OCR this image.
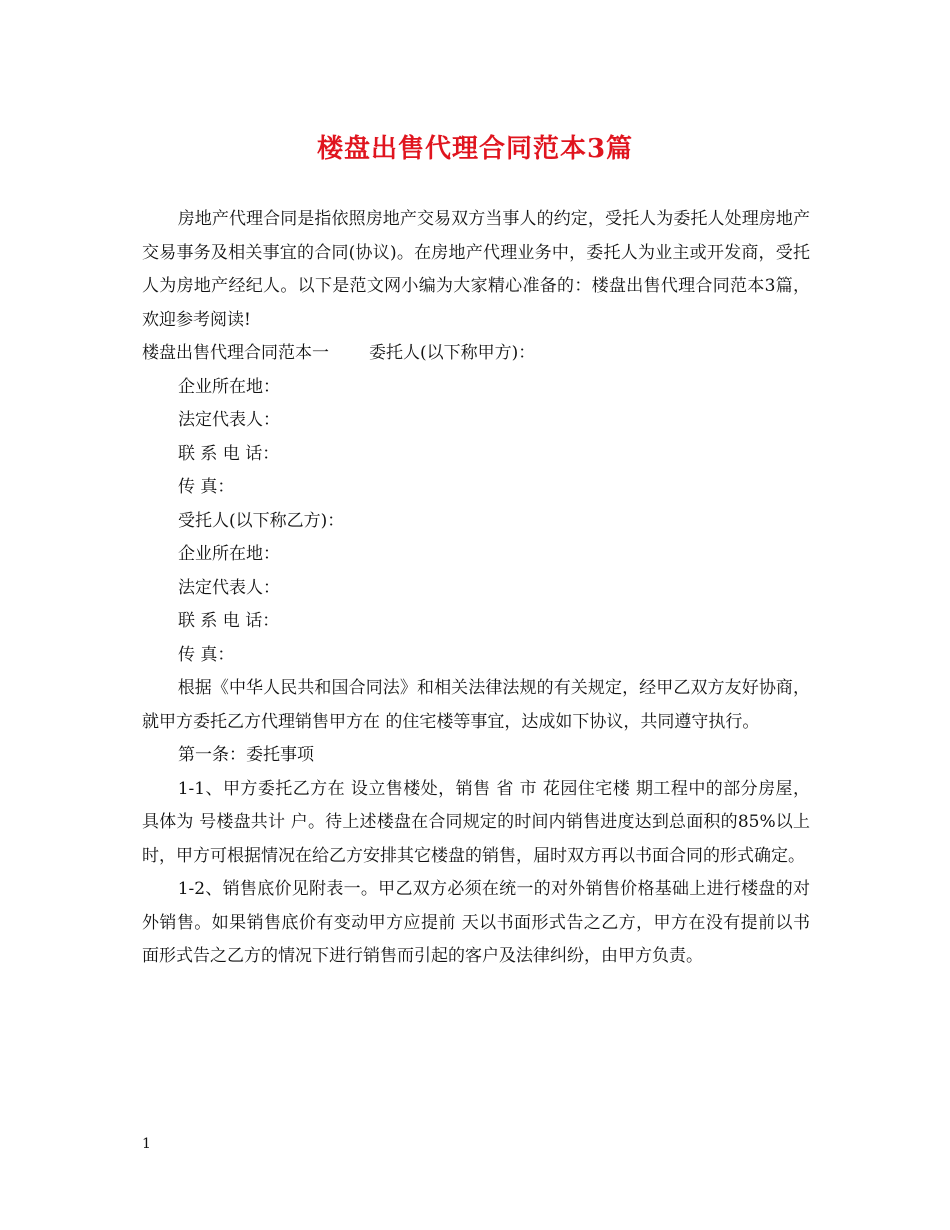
楼盘出售代理合同范本3篇

房地产代理合同是指依照房地产交易双方当事人的约定，受托人为委托人处理房地产交易事务及相关事宜的合同(协议)。在房地产代理业务中，委托人为业主或开发商，受托人为房地产经纪人。以下是范文网小编为大家精心准备的：楼盘出售代理合同范本3篇，欢迎参考阅读!

楼盘出售代理合同范本一 委托人(以下称甲方)：

企业所在地：

法定代表人：

联 系 电 话：

传 真：

受托人(以下称乙方)：

企业所在地：

法定代表人：

联 系 电 话：

传 真：

根据《中华人民共和国合同法》和相关法律法规的有关规定，经甲乙双方友好协商，就甲方委托乙方代理销售甲方在 的住宅楼等事宜，达成如下协议，共同遵守执行。

第一条：委托事项

1-1、甲方委托乙方在 设立售楼处，销售 省 市 花园住宅楼 期工程中的部分房屋，具体为 号楼盘共计 户。待上述楼盘在合同规定的时间内销售进度达到总面积的85%以上时，甲方可根据情况在给乙方安排其它楼盘的销售，届时双方再以书面合同的形式确定。

1-2、销售底价见附表一。甲乙双方必须在统一的对外销售价格基础上进行楼盘的对外销售。如果销售底价有变动甲方应提前 天以书面形式告之乙方，甲方在没有提前以书面形式告之乙方的情况下进行销售而引起的客户及法律纠纷，由甲方负责。

1
